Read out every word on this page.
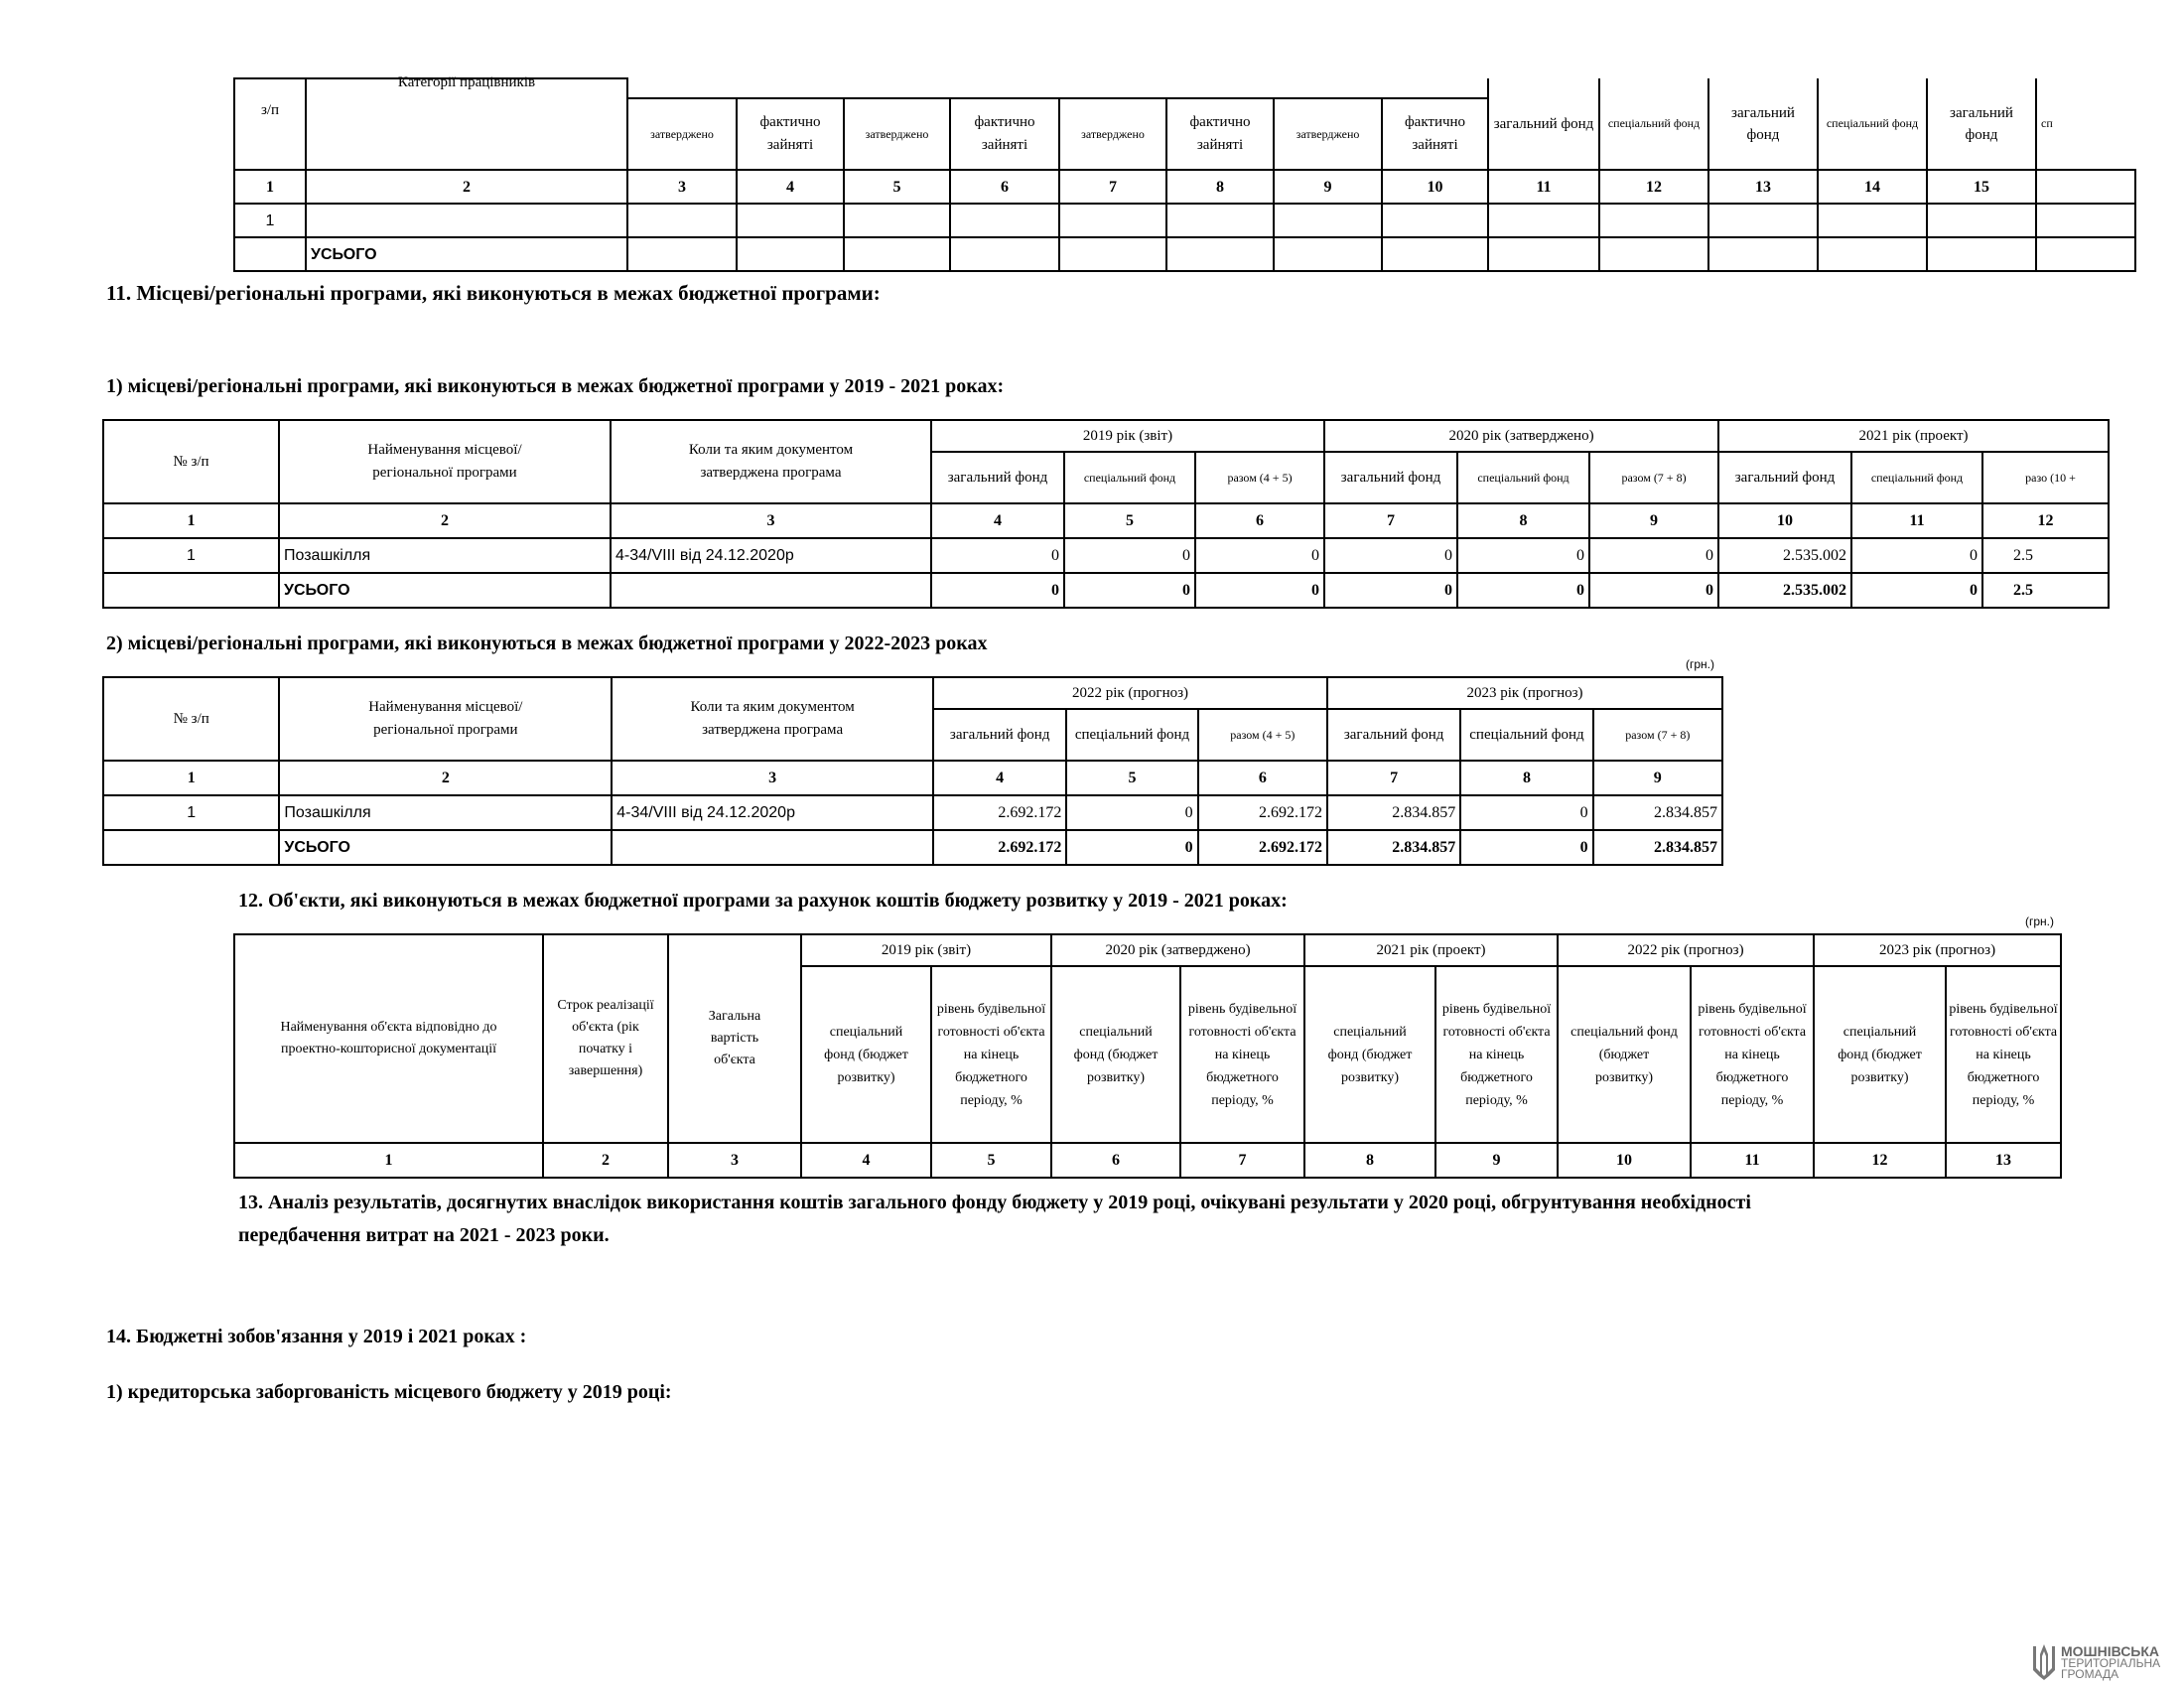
з/п	Категорії працівників									загальний фонд	спеціальний фонд	загальний фонд	спеціальний фонд	загальний фонд	сп
		затверджено	фактично зайняті	затверджено	фактично зайняті	затверджено	фактично зайняті	затверджено	фактично зайняті						
1	2	3	4	5	6	7	8	9	10	11	12	13	14	15	
1															
	УСЬОГО														
11. Місцеві/регіональні програми, які виконуються в межах бюджетної програми:
1) місцеві/регіональні програми, які виконуються в межах бюджетної програми у 2019 - 2021 роках:
№ з/п	Найменування місцевої/регіональної програми	Коли та яким документом затверджена програма	2019 рік (звіт)			2020 рік (затверджено)			2021 рік (проект)		
			загальний фонд	спеціальний фонд	разом (4 + 5)	загальний фонд	спеціальний фонд	разом (7 + 8)	загальний фонд	спеціальний фонд	разо (10 +
1	2	3	4	5	6	7	8	9	10	11	12
1	Позашкілля	4-34/VIII від 24.12.2020р	0	0	0	0	0	0	2.535.002	0	2.5
	УСЬОГО		0	0	0	0	0	0	2.535.002	0	2.5
2) місцеві/регіональні програми, які виконуються в межах бюджетної програми у 2022-2023 роках
(грн.)
№ з/п	Найменування місцевої/регіональної програми	Коли та яким документом затверджена програма	2022 рік (прогноз)			2023 рік (прогноз)		
			загальний фонд	спеціальний фонд	разом (4 + 5)	загальний фонд	спеціальний фонд	разом (7 + 8)
1	2	3	4	5	6	7	8	9
1	Позашкілля	4-34/VIII від 24.12.2020р	2.692.172	0	2.692.172	2.834.857	0	2.834.857
	УСЬОГО		2.692.172	0	2.692.172	2.834.857	0	2.834.857
12. Об'єкти, які виконуються в межах бюджетної програми за рахунок коштів бюджету розвитку у 2019 - 2021 роках:
(грн.)
Найменування об'єкта відповідно до проектно-кошторисної документації	Строк реалізації об'єкта (рік початку і завершення)	Загальна вартість об'єкта	2019 рік (звіт)		2020 рік (затверджено)		2021 рік (проект)		2022 рік (прогноз)		2023 рік (прогноз)	
			спеціальний фонд (бюджет розвитку)	рівень будівельної готовності об'єкта на кінець бюджетного періоду, %	спеціальний фонд (бюджет розвитку)	рівень будівельної готовності об'єкта на кінець бюджетного періоду, %	спеціальний фонд (бюджет розвитку)	рівень будівельної готовності об'єкта на кінець бюджетного періоду, %	спеціальний фонд (бюджет розвитку)	рівень будівельної готовності об'єкта на кінець бюджетного періоду, %	спеціальний фонд (бюджет розвитку)	рівень будівельної готовності об'єкта на кінець бюджетного періоду, %
1	2	3	4	5	6	7	8	9	10	11	12	13
13. Аналіз результатів, досягнутих внаслідок використання коштів загального фонду бюджету у 2019 році, очікувані результати у 2020 році, обгрунтування необхідності
передбачення витрат на 2021 - 2023 роки.
14. Бюджетні зобов'язання у 2019 і 2021 роках :
1) кредиторська заборгованість місцевого бюджету у 2019 році:
МОШНІВСЬКА
ТЕРИТОРІАЛЬНА
ГРОМАДА
